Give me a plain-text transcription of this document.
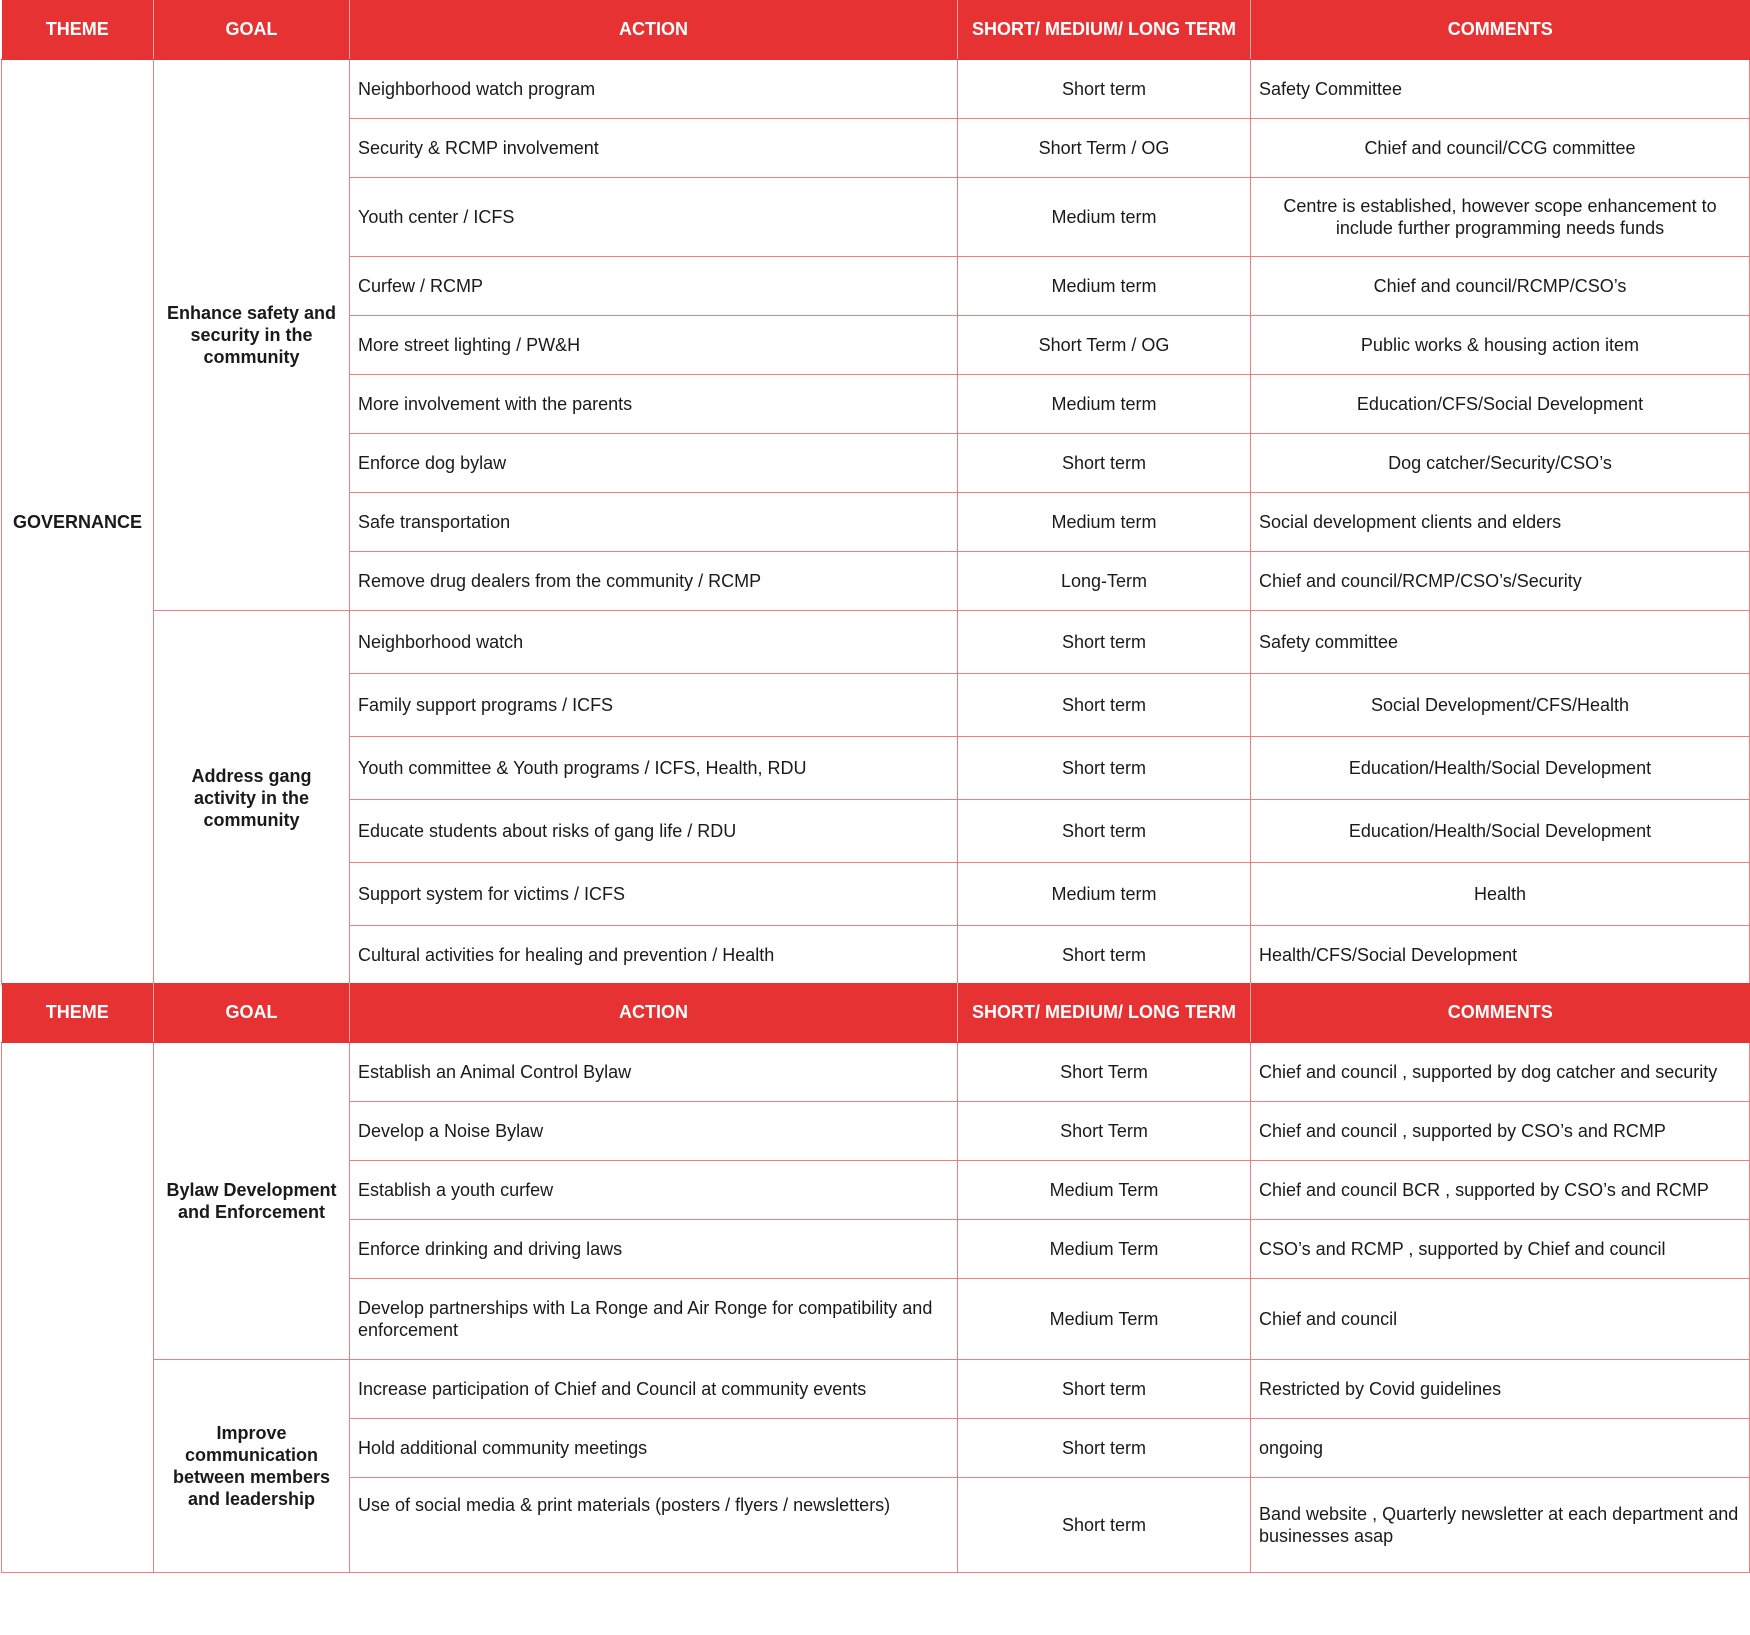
THEME	GOAL	ACTION	SHORT/ MEDIUM/ LONG TERM	COMMENTS
GOVERNANCE	Enhance safety and security in the community	Neighborhood watch program	Short term	Safety Committee
		Security & RCMP involvement	Short Term / OG	Chief and council/CCG committee
		Youth center / ICFS	Medium term	Centre is established, however scope enhancement to include further programming needs funds
		Curfew / RCMP	Medium term	Chief and council/RCMP/CSO’s
		More street lighting / PW&H	Short Term / OG	Public works & housing action item
		More involvement with the parents	Medium term	Education/CFS/Social Development
		Enforce dog bylaw	Short term	Dog catcher/Security/CSO’s
		Safe transportation	Medium term	Social development clients and elders
		Remove drug dealers from the community / RCMP	Long-Term	Chief and council/RCMP/CSO’s/Security
	Address gang activity in the community	Neighborhood watch	Short term	Safety committee
		Family support programs / ICFS	Short term	Social Development/CFS/Health
		Youth committee & Youth programs / ICFS, Health, RDU	Short term	Education/Health/Social Development
		Educate students about risks of gang life / RDU	Short term	Education/Health/Social Development
		Support system for victims / ICFS	Medium term	Health
		Cultural activities for healing and prevention / Health	Short term	Health/CFS/Social Development
THEME	GOAL	ACTION	SHORT/ MEDIUM/ LONG TERM	COMMENTS
	Bylaw Development and Enforcement	Establish an Animal Control Bylaw	Short Term	Chief and council , supported by dog catcher and security
		Develop a Noise Bylaw	Short Term	Chief and council , supported by CSO’s and RCMP
		Establish a youth curfew	Medium Term	Chief and council BCR , supported by CSO’s and RCMP
		Enforce drinking and driving laws	Medium Term	CSO’s and RCMP , supported by Chief and council
		Develop partnerships with La Ronge and Air Ronge for compatibility and enforcement	Medium Term	Chief and council
	Improve communication between members and leadership	Increase participation of Chief and Council at community events	Short term	Restricted by Covid guidelines
		Hold additional community meetings	Short term	ongoing
		Use of social media & print materials (posters / flyers / newsletters)	Short term	Band website , Quarterly newsletter at each department and businesses asap
